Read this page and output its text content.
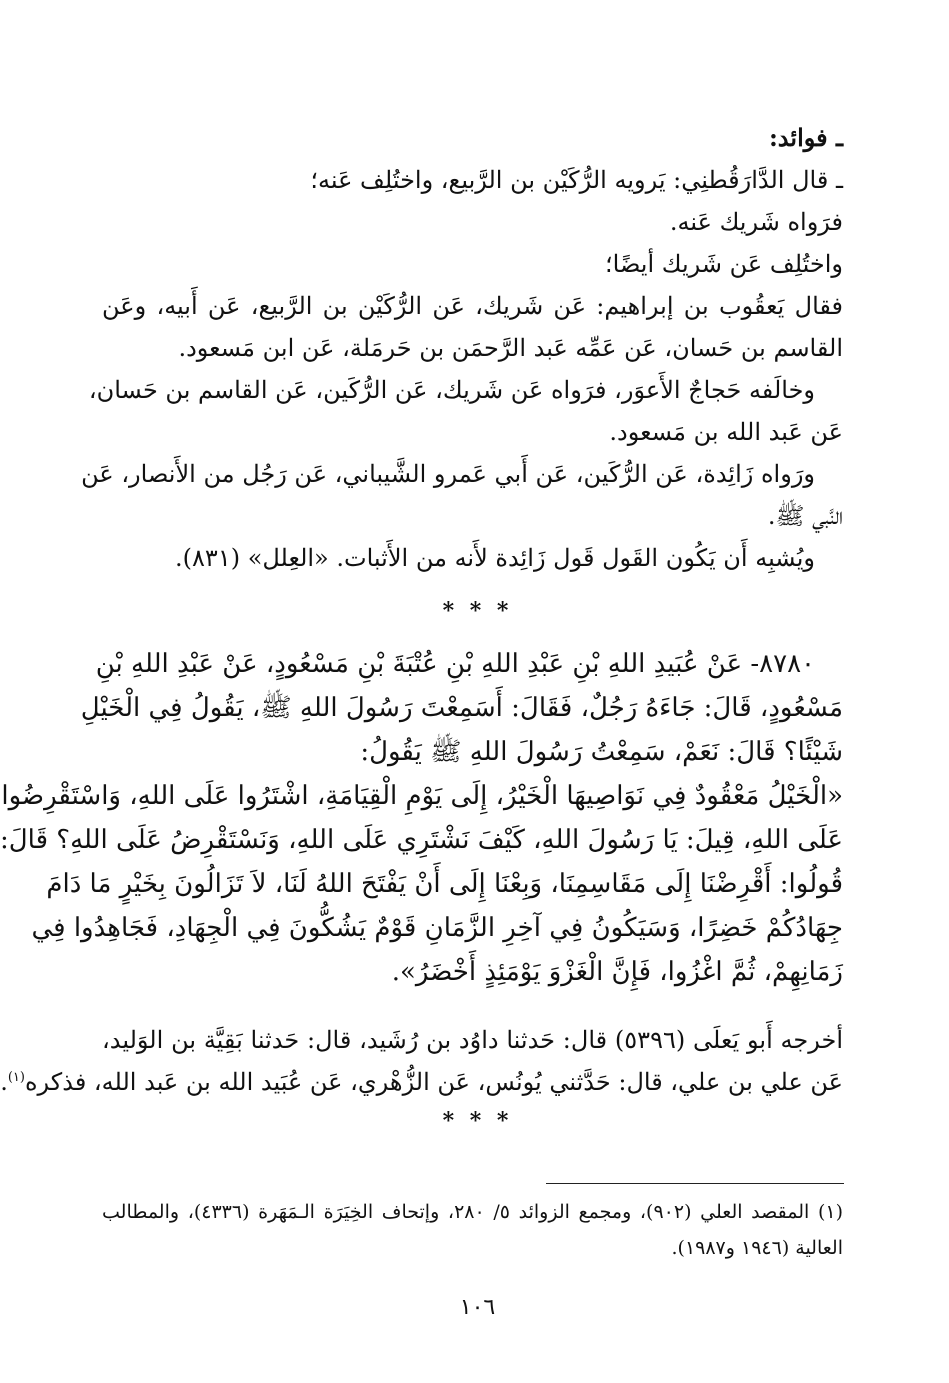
ـ فوائد:
ـ قال الدَّارَقُطنِي: يَرويه الرُّكَيْن بن الرَّبيع، واختُلِف عَنه؛
فرَواه شَريك عَنه.
واختُلِف عَن شَريك أيضًا؛
فقال يَعقُوب بن إبراهيم: عَن شَريك، عَن الرُّكَيْن بن الرَّبيع، عَن أَبيه، وعَن
القاسم بن حَسان، عَن عَمِّه عَبد الرَّحمَن بن حَرمَلة، عَن ابن مَسعود.
وخالَفه حَجاجٌ الأَعوَر، فرَواه عَن شَريك، عَن الرُّكَين، عَن القاسم بن حَسان،
عَن عَبد الله بن مَسعود.
ورَواه زَائِدة، عَن الرُّكَين، عَن أَبي عَمرو الشَّيباني، عَن رَجُل من الأَنصار، عَن
النَّبي ﷺ.
ويُشبِه أَن يَكُون القَول قَول زَائِدة لأَنه من الأَثبات. «العِلل» (٨٣١).
* * *
٨٧٨٠- عَنْ عُبَيدِ اللهِ بْنِ عَبْدِ اللهِ بْنِ عُتْبَةَ بْنِ مَسْعُودٍ، عَنْ عَبْدِ اللهِ بْنِ
مَسْعُودٍ، قَالَ: جَاءَهُ رَجُلٌ، فَقَالَ: أَسَمِعْتَ رَسُولَ اللهِ ﷺ، يَقُولُ فِي الْخَيْلِ
شَيْئًا؟ قَالَ: نَعَمْ، سَمِعْتُ رَسُولَ اللهِ ﷺ يَقُولُ:
«الْخَيْلُ مَعْقُودٌ فِي نَوَاصِيهَا الْخَيْرُ، إِلَى يَوْمِ الْقِيَامَةِ، اشْتَرُوا عَلَى اللهِ، وَاسْتَقْرِضُوا
عَلَى اللهِ، قِيلَ: يَا رَسُولَ اللهِ، كَيْفَ نَشْتَرِي عَلَى اللهِ، وَنَسْتَقْرِضُ عَلَى اللهِ؟ قَالَ:
قُولُوا: أَقْرِضْنَا إِلَى مَقَاسِمِنَا، وَبِعْنَا إِلَى أَنْ يَفْتَحَ اللهُ لَنَا، لاَ تَزَالُونَ بِخَيْرٍ مَا دَامَ
جِهَادُكُمْ خَضِرًا، وَسَيَكُونُ فِي آخِرِ الزَّمَانِ قَوْمٌ يَشُكُّونَ فِي الْجِهَادِ، فَجَاهِدُوا فِي
زَمَانِهِمْ، ثُمَّ اغْزُوا، فَإِنَّ الْغَزْوَ يَوْمَئِذٍ أَخْضَرُ».
أخرجه أَبو يَعلَى (٥٣٩٦) قال: حَدثنا داوُد بن رُشَيد، قال: حَدثنا بَقِيَّة بن الوَليد،
عَن علي بن علي، قال: حَدَّثني يُونُس، عَن الزُّهْري، عَن عُبَيد الله بن عَبد الله، فذكره$^{(١)}$.
* * *
(١) المقصد العلي (٩٠٢)، ومجمع الزوائد ٥/ ٢٨٠، وإتحاف الخِيَرَة الـمَهَرة (٤٣٣٦)، والمطالب
العالية (١٩٤٦ و١٩٨٧).
١٠٦
